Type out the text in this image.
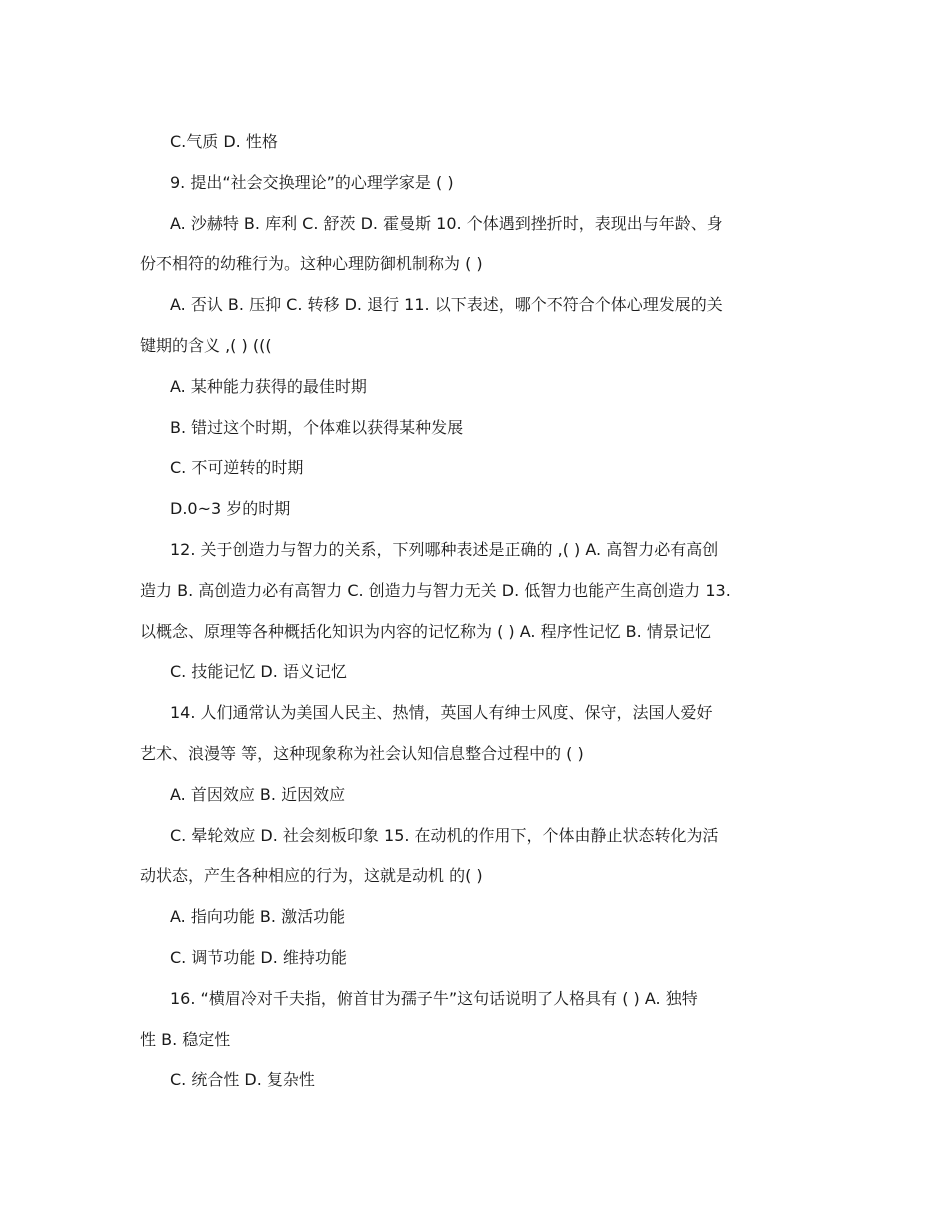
C.气质 D. 性格
9. 提出“社会交换理论”的心理学家是 ( )
A. 沙赫特 B. 库利 C. 舒茨 D. 霍曼斯 10. 个体遇到挫折时，表现出与年龄、身
份不相符的幼稚行为。这种心理防御机制称为 ( )
A. 否认 B. 压抑 C. 转移 D. 退行 11. 以下表述，哪个不符合个体心理发展的关
键期的含义 ,( ) (((
A. 某种能力获得的最佳时期
B. 错过这个时期，个体难以获得某种发展
C. 不可逆转的时期
D.0~3 岁的时期
12. 关于创造力与智力的关系，下列哪种表述是正确的 ,( ) A. 高智力必有高创
造力 B. 高创造力必有高智力 C. 创造力与智力无关 D. 低智力也能产生高创造力 13.
以概念、原理等各种概括化知识为内容的记忆称为 ( ) A. 程序性记忆 B. 情景记忆
C. 技能记忆 D. 语义记忆
14. 人们通常认为美国人民主、热情，英国人有绅士风度、保守，法国人爱好
艺术、浪漫等 等，这种现象称为社会认知信息整合过程中的 ( )
A. 首因效应 B. 近因效应
C. 晕轮效应 D. 社会刻板印象 15. 在动机的作用下，个体由静止状态转化为活
动状态，产生各种相应的行为，这就是动机 的( )
A. 指向功能 B. 激活功能
C. 调节功能 D. 维持功能
16. “横眉冷对千夫指，俯首甘为孺子牛”这句话说明了人格具有 ( ) A. 独特
性 B. 稳定性
C. 统合性 D. 复杂性
